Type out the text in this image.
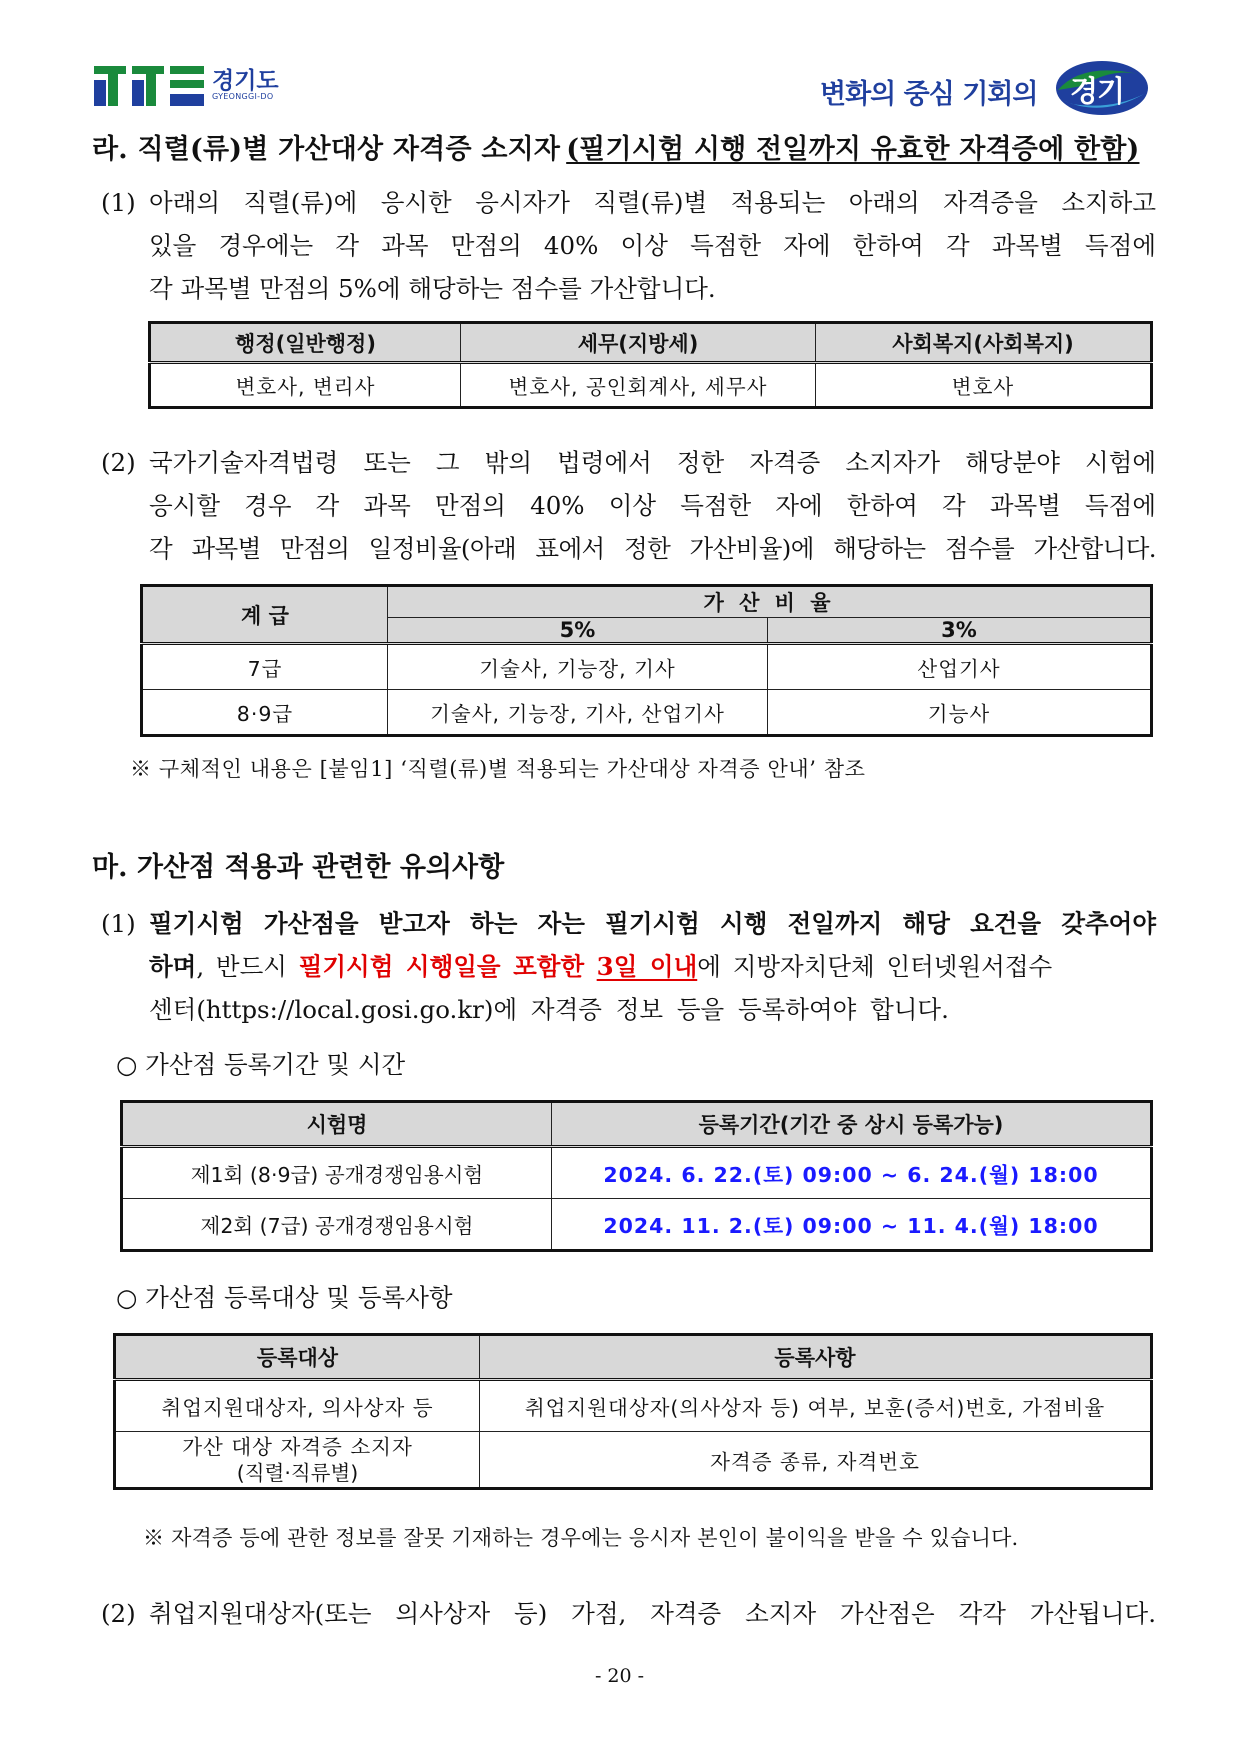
경기도
GYEONGGI-DO	변화의 중심 기회의 경기
라. 직렬(류)별 가산대상 자격증 소지자 (필기시험 시행 전일까지 유효한 자격증에 한함)
(1) 아래의 직렬(류)에 응시한 응시자가 직렬(류)별 적용되는 아래의 자격증을 소지하고
있을 경우에는 각 과목 만점의 40% 이상 득점한 자에 한하여 각 과목별 득점에
각 과목별 만점의 5%에 해당하는 점수를 가산합니다.
행정(일반행정)	세무(지방세)	사회복지(사회복지)
변호사, 변리사	변호사, 공인회계사, 세무사	변호사
(2) 국가기술자격법령 또는 그 밖의 법령에서 정한 자격증 소지자가 해당분야 시험에
응시할 경우 각 과목 만점의 40% 이상 득점한 자에 한하여 각 과목별 득점에
각 과목별 만점의 일정비율(아래 표에서 정한 가산비율)에 해당하는 점수를 가산합니다.
계 급	가 산 비 율	
	5%	3%
7급	기술사, 기능장, 기사	산업기사
8·9급	기술사, 기능장, 기사, 산업기사	기능사
※ 구체적인 내용은 [붙임1] ‘직렬(류)별 적용되는 가산대상 자격증 안내’ 참조
마. 가산점 적용과 관련한 유의사항
(1) 필기시험 가산점을 받고자 하는 자는 필기시험 시행 전일까지 해당 요건을 갖추어야
하며, 반드시 필기시험 시행일을 포함한 3일 이내에 지방자치단체 인터넷원서접수
센터(https://local.gosi.go.kr)에 자격증 정보 등을 등록하여야 합니다.
○ 가산점 등록기간 및 시간
시험명	등록기간(기간 중 상시 등록가능)
제1회 (8·9급) 공개경쟁임용시험	2024. 6. 22.(토) 09:00 ~ 6. 24.(월) 18:00
제2회 (7급) 공개경쟁임용시험	2024. 11. 2.(토) 09:00 ~ 11. 4.(월) 18:00
○ 가산점 등록대상 및 등록사항
등록대상	등록사항
취업지원대상자, 의사상자 등	취업지원대상자(의사상자 등) 여부, 보훈(증서)번호, 가점비율

가산 대상 자격증 소지자
(직렬·직류별)	자격증 종류, 자격번호
※ 자격증 등에 관한 정보를 잘못 기재하는 경우에는 응시자 본인이 불이익을 받을 수 있습니다.
(2) 취업지원대상자(또는 의사상자 등) 가점, 자격증 소지자 가산점은 각각 가산됩니다.
- 20 -
